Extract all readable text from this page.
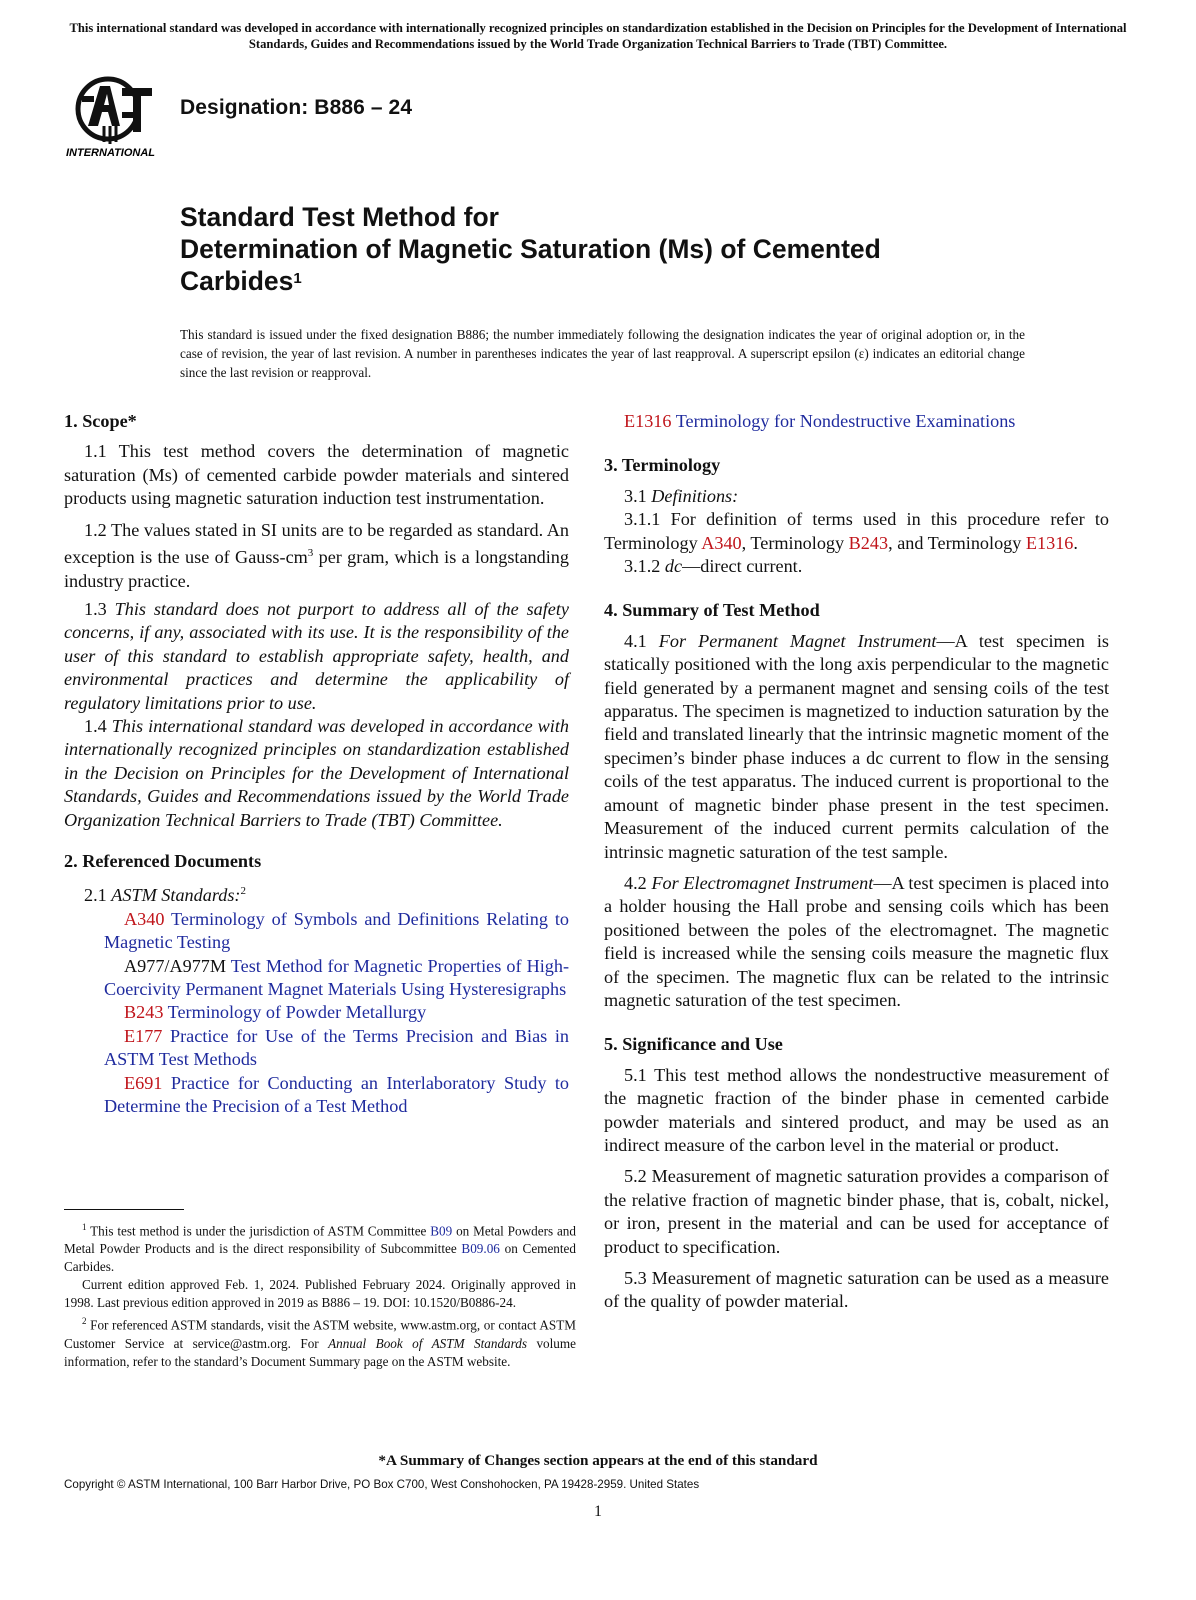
This international standard was developed in accordance with internationally recognized principles on standardization established in the Decision on Principles for the Development of International Standards, Guides and Recommendations issued by the World Trade Organization Technical Barriers to Trade (TBT) Committee.
INTERNATIONAL
Designation: B886 – 24
Standard Test Method for
Determination of Magnetic Saturation (Ms) of Cemented
Carbides$^1$
This standard is issued under the fixed designation B886; the number immediately following the designation indicates the year of original adoption or, in the case of revision, the year of last revision. A number in parentheses indicates the year of last reapproval. A superscript epsilon (ε) indicates an editorial change since the last revision or reapproval.
1. Scope*

1.1 This test method covers the determination of magnetic saturation (Ms) of cemented carbide powder materials and sintered products using magnetic saturation induction test instrumentation.

1.2 The values stated in SI units are to be regarded as standard. An exception is the use of Gauss-$cm^3$ per gram, which is a longstanding industry practice.

1.3 This standard does not purport to address all of the safety concerns, if any, associated with its use. It is the responsibility of the user of this standard to establish appropriate safety, health, and environmental practices and determine the applicability of regulatory limitations prior to use.

1.4 This international standard was developed in accordance with internationally recognized principles on standardization established in the Decision on Principles for the Development of International Standards, Guides and Recommendations issued by the World Trade Organization Technical Barriers to Trade (TBT) Committee.

2. Referenced Documents

2.1 ASTM Standards:$^2$

A340 Terminology of Symbols and Definitions Relating to Magnetic Testing

A977/A977M Test Method for Magnetic Properties of High-Coercivity Permanent Magnet Materials Using Hysteresigraphs

B243 Terminology of Powder Metallurgy

E177 Practice for Use of the Terms Precision and Bias in ASTM Test Methods

E691 Practice for Conducting an Interlaboratory Study to Determine the Precision of a Test Method

$^1$ This test method is under the jurisdiction of ASTM Committee B09 on Metal Powders and Metal Powder Products and is the direct responsibility of Subcommittee B09.06 on Cemented Carbides.

Current edition approved Feb. 1, 2024. Published February 2024. Originally approved in 1998. Last previous edition approved in 2019 as B886 – 19. DOI: 10.1520/B0886-24.

$^2$ For referenced ASTM standards, visit the ASTM website, www.astm.org, or contact ASTM Customer Service at service@astm.org. For Annual Book of ASTM Standards volume information, refer to the standard’s Document Summary page on the ASTM website.

E1316 Terminology for Nondestructive Examinations
3. Terminology

3.1 Definitions:

3.1.1 For definition of terms used in this procedure refer to Terminology A340, Terminology B243, and Terminology E1316.

3.1.2 dc—direct current.

4. Summary of Test Method

4.1 For Permanent Magnet Instrument—A test specimen is statically positioned with the long axis perpendicular to the magnetic field generated by a permanent magnet and sensing coils of the test apparatus. The specimen is magnetized to induction saturation by the field and translated linearly that the intrinsic magnetic moment of the specimen’s binder phase induces a dc current to flow in the sensing coils of the test apparatus. The induced current is proportional to the amount of magnetic binder phase present in the test specimen. Measurement of the induced current permits calculation of the intrinsic magnetic saturation of the test sample.

4.2 For Electromagnet Instrument—A test specimen is placed into a holder housing the Hall probe and sensing coils which has been positioned between the poles of the electromagnet. The magnetic field is increased while the sensing coils measure the magnetic flux of the specimen. The magnetic flux can be related to the intrinsic magnetic saturation of the test specimen.

5. Significance and Use

5.1 This test method allows the nondestructive measurement of the magnetic fraction of the binder phase in cemented carbide powder materials and sintered product, and may be used as an indirect measure of the carbon level in the material or product.

5.2 Measurement of magnetic saturation provides a comparison of the relative fraction of magnetic binder phase, that is, cobalt, nickel, or iron, present in the material and can be used for acceptance of product to specification.

5.3 Measurement of magnetic saturation can be used as a measure of the quality of powder material.

*A Summary of Changes section appears at the end of this standard
Copyright © ASTM International, 100 Barr Harbor Drive, PO Box C700, West Conshohocken, PA 19428-2959. United States
1
